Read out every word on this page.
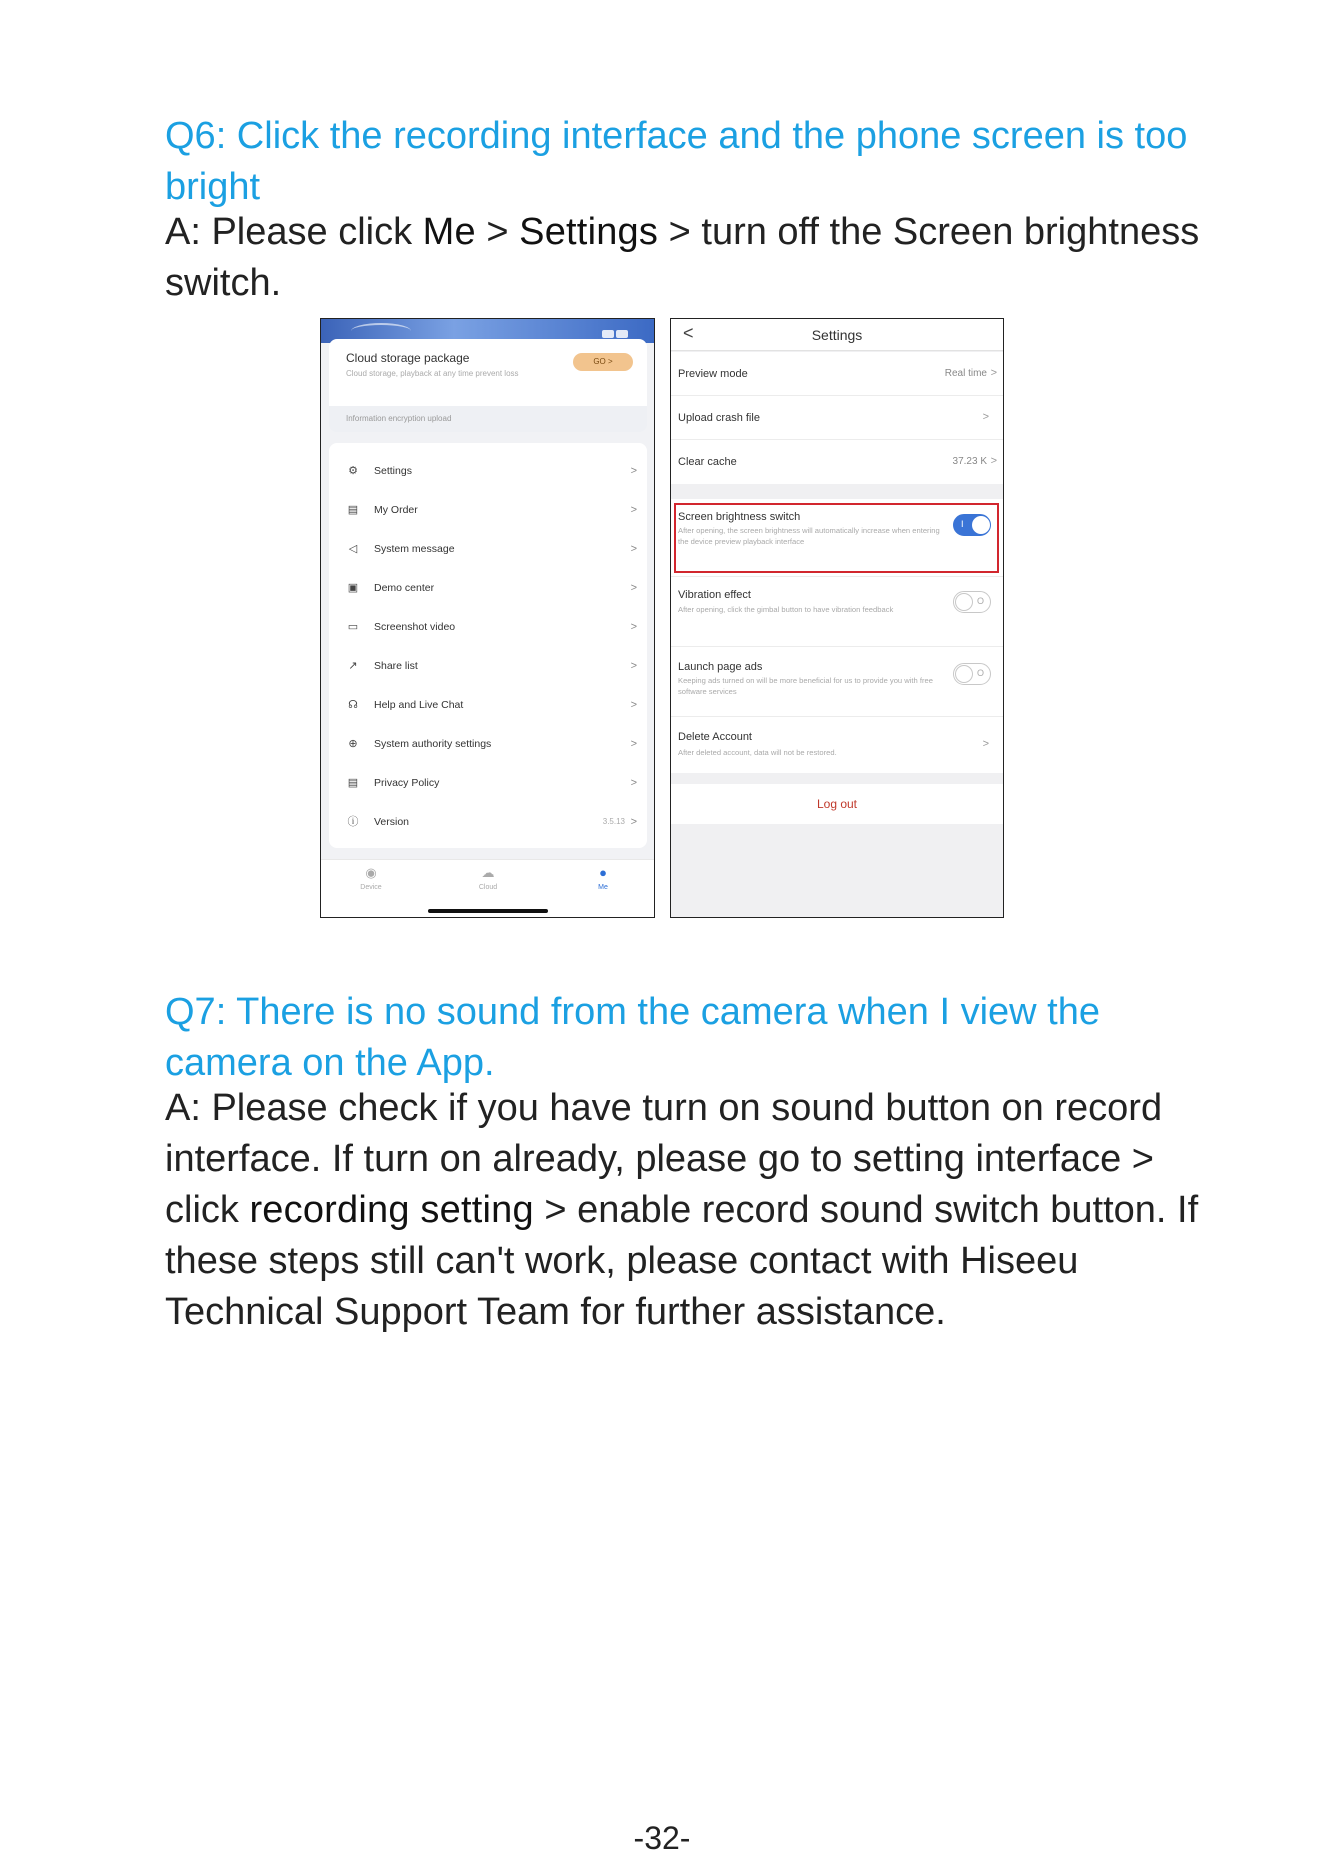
Q6: Click the recording interface and the phone screen is too bright
A: Please click Me > Settings > turn off the Screen brightness switch.
Cloud storage package
Cloud storage, playback at any time prevent loss
GO >
Information encryption upload
⚙ Settings	>
▤ My Order	>
◁ System message	>
▣ Demo center	>
▭ Screenshot video	>
↗ Share list	>
☊ Help and Live Chat	>
⊕ System authority settings	>
▤ Privacy Policy	>
ⓘ Version	3.5.13 >
◉
Device
☁
Cloud
●
Me
<	Settings
Preview mode	Real time >
Upload crash file	>
Clear cache	37.23 K >
Screen brightness switch
After opening, the screen brightness will automatically increase when entering the device preview playback interface
I
Vibration effect
After opening, click the gimbal button to have vibration feedback
O
Launch page ads
Keeping ads turned on will be more beneficial for us to provide you with free software services
O
Delete Account
After deleted account, data will not be restored.
>
Log out
Q7: There is no sound from the camera when I view the camera on the App.
A: Please check if you have turn on sound button on record interface. If turn on already, please go to setting interface > click recording setting > enable record sound switch button. If these steps still can't work, please contact with Hiseeu Technical Support Team for further assistance.
-32-
